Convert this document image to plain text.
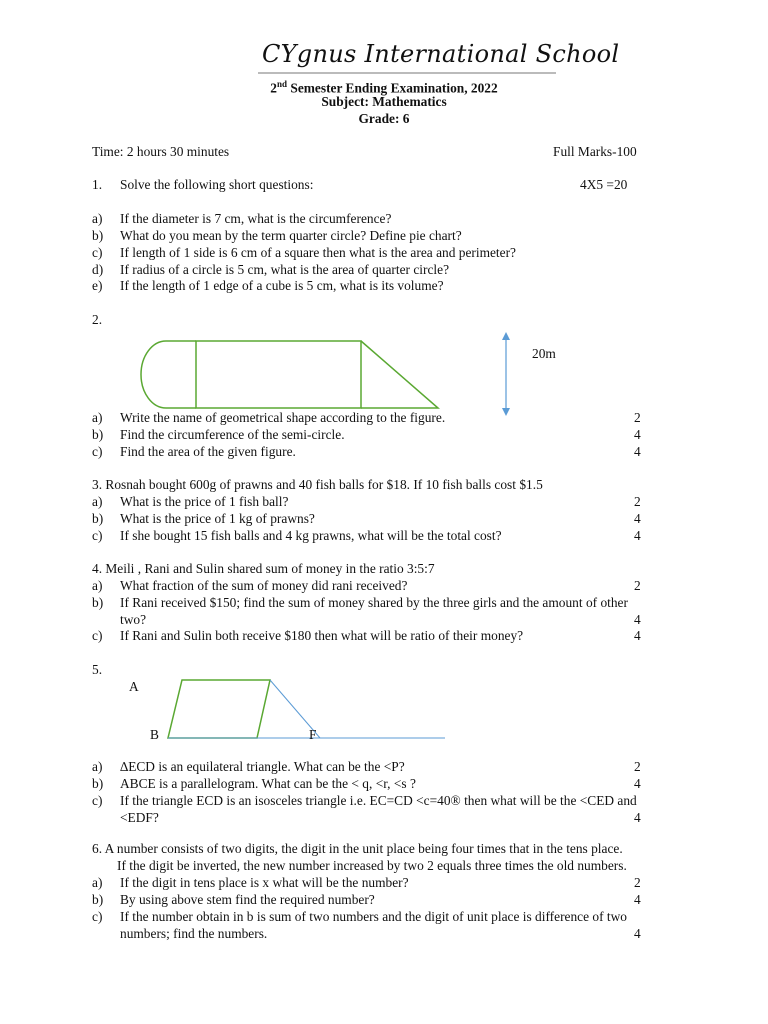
CYgnus International School
2nd Semester Ending Examination, 2022
Subject: Mathematics
Grade: 6
Time: 2 hours 30 minutes	Full Marks-100
1. Solve the following short questions:	4X5 =20
a) If the diameter is 7 cm, what is the circumference?
b) What do you mean by the term quarter circle? Define pie chart?
c) If length of 1 side is 6 cm of a square then what is the area and perimeter?
d) If radius of a circle is 5 cm, what is the area of quarter circle?
e) If the length of 1 edge of a cube is 5 cm, what is its volume?
2.
20m
a) Write the name of geometrical shape according to the figure.	2
b) Find the circumference of the semi-circle.	4
c) Find the area of the given figure.	4
3. Rosnah bought 600g of prawns and 40 fish balls for $18. If 10 fish balls cost $1.5
a) What is the price of 1 fish ball?	2
b) What is the price of 1 kg of prawns?	4
c) If she bought 15 fish balls and 4 kg prawns, what will be the total cost?	4
4. Meili , Rani and Sulin shared sum of money in the ratio 3:5:7
a) What fraction of the sum of money did rani received?	2
b) If Rani received $150; find the sum of money shared by the three girls and the amount of other
two?	4
c) If Rani and Sulin both receive $180 then what will be ratio of their money?	4
5.
A
B	F
a) ∆ECD is an equilateral triangle. What can be the <P?	2
b) ABCE is a parallelogram. What can be the < q, <r, <s ?	4
c) If the triangle ECD is an isosceles triangle i.e. EC=CD <c=40® then what will be the <CED and
<EDF?	4
6. A number consists of two digits, the digit in the unit place being four times that in the tens place.
If the digit be inverted, the new number increased by two 2 equals three times the old numbers.
a) If the digit in tens place is x what will be the number?	2
b) By using above stem find the required number?	4
c) If the number obtain in b is sum of two numbers and the digit of unit place is difference of two
numbers; find the numbers.	4
